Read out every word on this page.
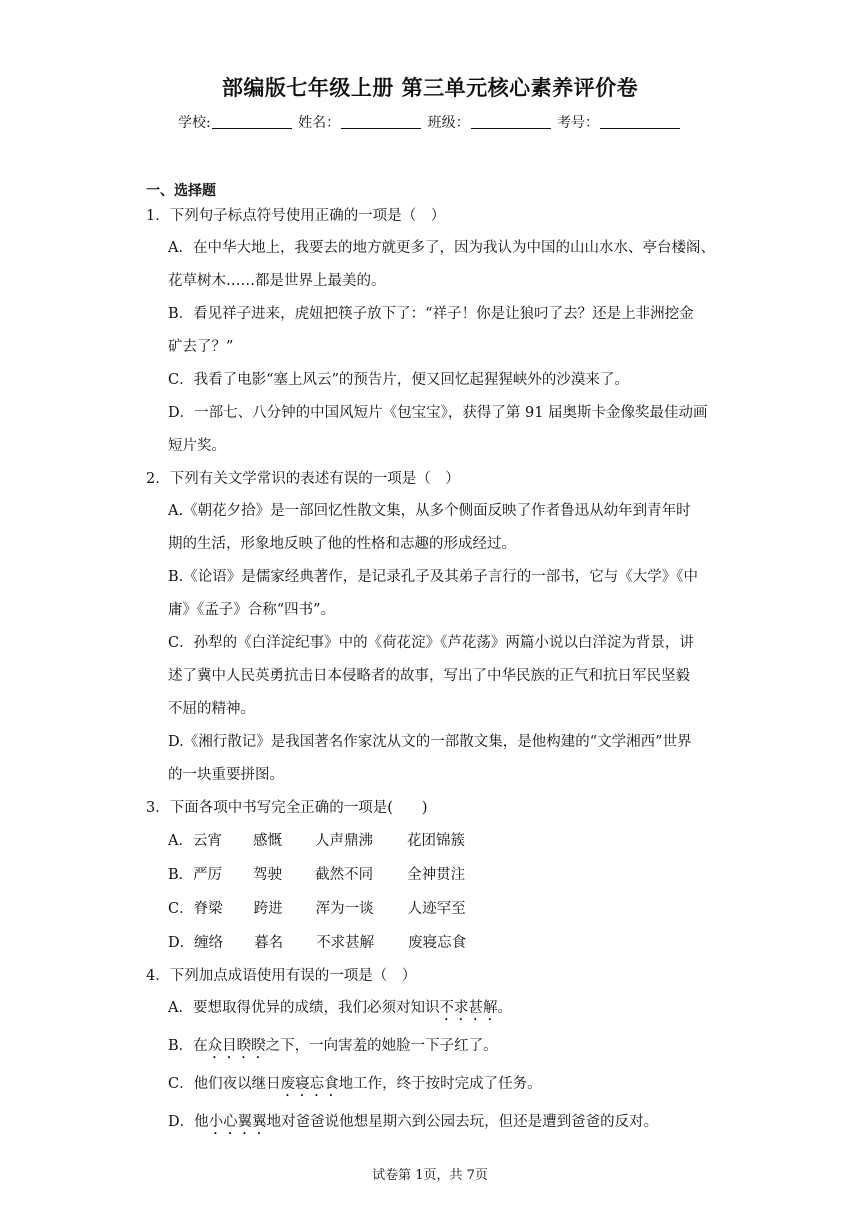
部编版七年级上册 第三单元核心素养评价卷
学校:	姓名：	班级：	考号：
一、选择题
1．下列句子标点符号使用正确的一项是（　）
A．在中华大地上，我要去的地方就更多了，因为我认为中国的山山水水、亭台楼阁、
花草树木……都是世界上最美的。
B．看见祥子进来，虎妞把筷子放下了：“祥子！你是让狼叼了去？还是上非洲挖金
矿去了？”
C．我看了电影“塞上风云”的预告片，便又回忆起猩猩峡外的沙漠来了。
D．一部七、八分钟的中国风短片《包宝宝》，获得了第 91 届奥斯卡金像奖最佳动画
短片奖。
2．下列有关文学常识的表述有误的一项是（　）
A.《朝花夕拾》是一部回忆性散文集，从多个侧面反映了作者鲁迅从幼年到青年时
期的生活，形象地反映了他的性格和志趣的形成经过。
B.《论语》是儒家经典著作，是记录孔子及其弟子言行的一部书，它与《大学》《中
庸》《孟子》合称“四书”。
C．孙犁的《白洋淀纪事》中的《荷花淀》《芦花荡》两篇小说以白洋淀为背景，讲
述了冀中人民英勇抗击日本侵略者的故事，写出了中华民族的正气和抗日军民坚毅
不屈的精神。
D.《湘行散记》是我国著名作家沈从文的一部散文集，是他构建的“文学湘西”世界
的一块重要拼图。
3．下面各项中书写完全正确的一项是(　　)
A．云宵 感慨 人声鼎沸 花团锦簇
B．严厉 驾驶 截然不同 全神贯注
C．脊梁 跨进 浑为一谈 人迹罕至
D．缠络 暮名 不求甚解 废寝忘食
4．下列加点成语使用有误的一项是（　）
A．要想取得优异的成绩，我们必须对知识不求甚解。
B．在众目睽睽之下，一向害羞的她脸一下子红了。
C．他们夜以继日废寝忘食地工作，终于按时完成了任务。
D．他小心翼翼地对爸爸说他想星期六到公园去玩，但还是遭到爸爸的反对。
试卷第 1页，共 7页
